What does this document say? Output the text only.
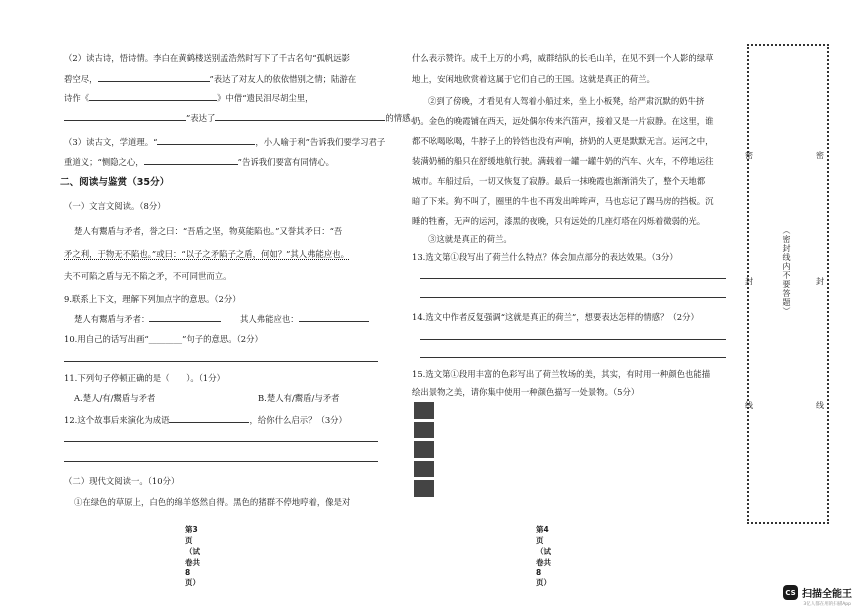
（2）读古诗，悟诗情。李白在黄鹤楼送别孟浩然时写下了千古名句“孤帆远影
碧空尽，	”表达了对友人的依依惜别之情；陆游在
诗作《	》中借“遗民泪尽胡尘里，
”表达了	的情感。
（3）读古文，学道理。“	，小人喻于利”告诉我们要学习君子
重道义；“恻隐之心，	”告诉我们要富有同情心。
二、阅读与鉴赏（35分）
（一）文言文阅读。（8分）
楚人有鬻盾与矛者，誉之曰：“吾盾之坚，物莫能陷也。”又誉其矛曰：“吾
矛之利，于物无不陷也。”或曰：“以子之矛陷子之盾，何如？”其人弗能应也。
夫不可陷之盾与无不陷之矛，不可同世而立。
9.联系上下文，理解下列加点字的意思。（2分）
楚人有鬻盾与矛者：	其人弗能应也：
10.用自己的话写出画“________”句子的意思。（2分）
11.下列句子停顿正确的是（　　）。（1分）
A.楚人/有/鬻盾与矛者	B.楚人有/鬻盾/与矛者
12.这个故事后来演化为成语	，给你什么启示？（3分）
（二）现代文阅读一。（10分）
①在绿色的草原上，白色的绵羊悠然自得。黑色的猪群不停地哼着，像是对
第3页（试卷共8页）
什么表示赞许。成千上万的小鸡，威群结队的长毛山羊，在见不到一个人影的绿草
地上，安闲地欣赏着这属于它们自己的王国。这就是真正的荷兰。
②到了傍晚，才看见有人驾着小船过来，坐上小板凳，给严肃沉默的奶牛挤
奶。金色的晚霞铺在西天，远处偶尔传来汽笛声，接着又是一片寂静。在这里，谁
都不吆喝吆喝，牛脖子上的铃铛也没有声响，挤奶的人更是默默无言。运河之中，
装满奶桶的船只在舒缓地航行驶。满载着一罐一罐牛奶的汽车、火车，不停地运往
城市。车船过后，一切又恢复了寂静。最后一抹晚霞也渐渐消失了，整个天地都
暗了下来。狗不叫了，圈里的牛也不再发出哞哞声，马也忘记了踢马房的挡板。沉
睡的牲畜，无声的运河，漆黑的夜晚，只有远处的几座灯塔在闪烁着微弱的光。
③这就是真正的荷兰。
13.选文第①段写出了荷兰什么特点？体会加点部分的表达效果。（3分）
14.选文中作者反复强调“这就是真正的荷兰”，想要表达怎样的情感？（2分）
15.选文第①段用丰富的色彩写出了荷兰牧场的美，其实，有时用一种颜色也能描
绘出景物之美，请你集中使用一种颜色描写一处景物。（5分）

第4页（试卷共8页）
密
封
线
密
封
线
（密封线内不要答题）
CS 扫描全能王
3亿人都在用的扫描App
